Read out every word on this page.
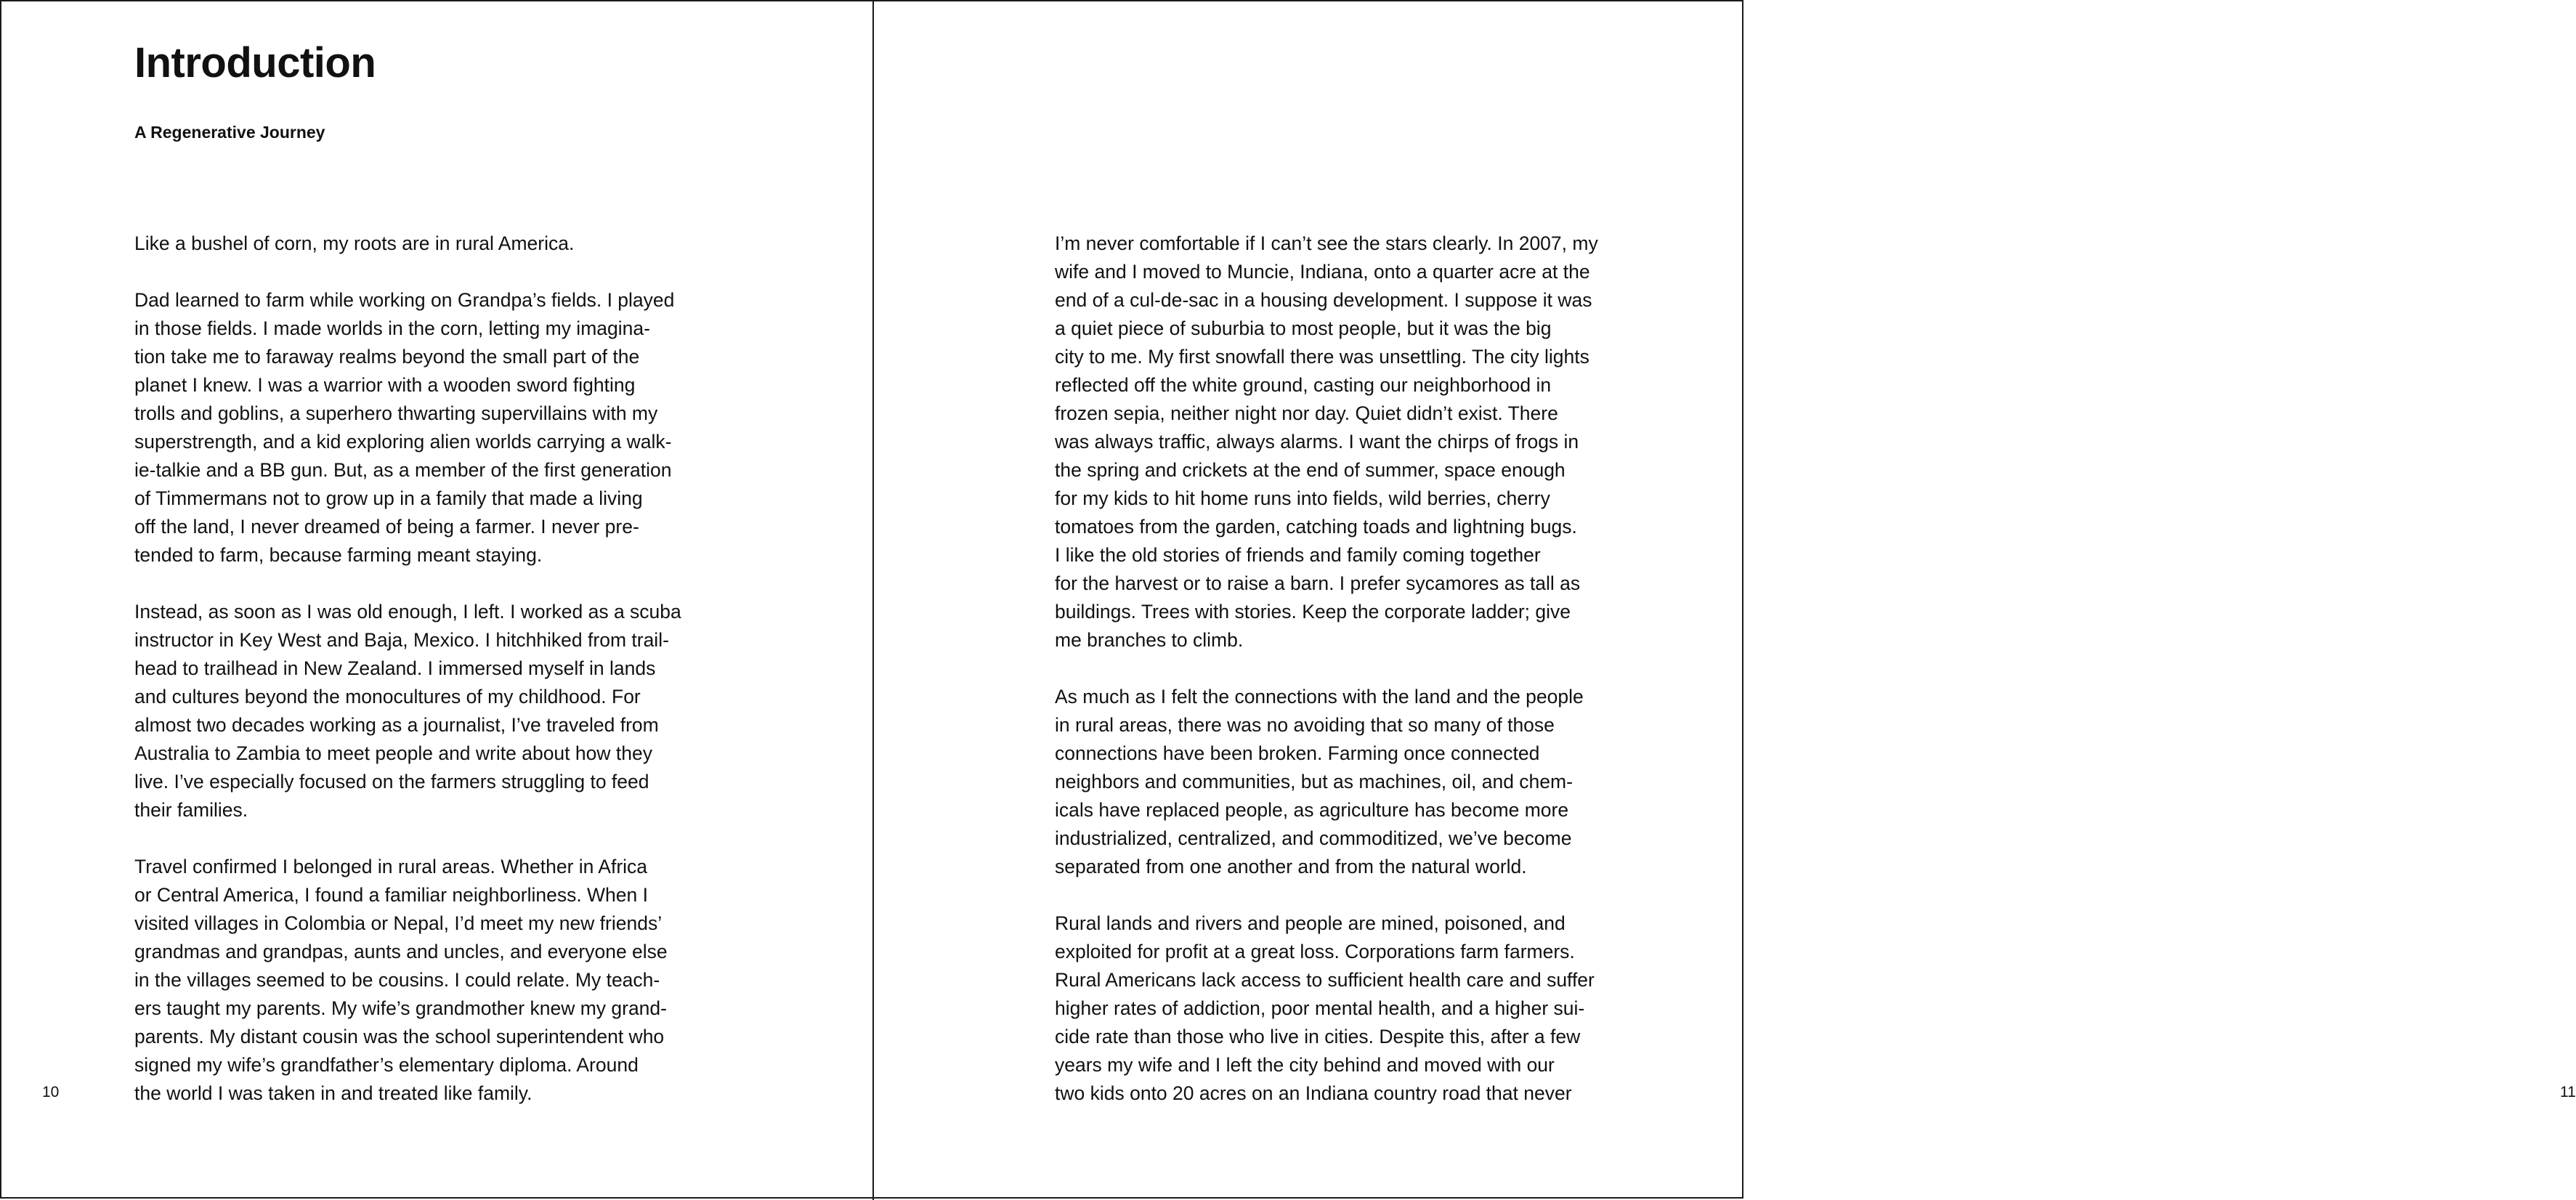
Introduction
A Regenerative Journey
Like a bushel of corn, my roots are in rural America.
Dad learned to farm while working on Grandpa’s fields. I played
in those fields. I made worlds in the corn, letting my imagina-
tion take me to faraway realms beyond the small part of the
planet I knew. I was a warrior with a wooden sword fighting
trolls and goblins, a superhero thwarting supervillains with my
superstrength, and a kid exploring alien worlds carrying a walk-
ie-talkie and a BB gun. But, as a member of the first generation
of Timmermans not to grow up in a family that made a living
off the land, I never dreamed of being a farmer. I never pre-
tended to farm, because farming meant staying.
Instead, as soon as I was old enough, I left. I worked as a scuba
instructor in Key West and Baja, Mexico. I hitchhiked from trail-
head to trailhead in New Zealand. I immersed myself in lands
and cultures beyond the monocultures of my childhood. For
almost two decades working as a journalist, I’ve traveled from
Australia to Zambia to meet people and write about how they
live. I’ve especially focused on the farmers struggling to feed
their families.
Travel confirmed I belonged in rural areas. Whether in Africa
or Central America, I found a familiar neighborliness. When I
visited villages in Colombia or Nepal, I’d meet my new friends’
grandmas and grandpas, aunts and uncles, and everyone else
in the villages seemed to be cousins. I could relate. My teach-
ers taught my parents. My wife’s grandmother knew my grand-
parents. My distant cousin was the school superintendent who
signed my wife’s grandfather’s elementary diploma. Around
the world I was taken in and treated like family.
10
I’m never comfortable if I can’t see the stars clearly. In 2007, my
wife and I moved to Muncie, Indiana, onto a quarter acre at the
end of a cul-de-sac in a housing development. I suppose it was
a quiet piece of suburbia to most people, but it was the big
city to me. My first snowfall there was unsettling. The city lights
reflected off the white ground, casting our neighborhood in
frozen sepia, neither night nor day. Quiet didn’t exist. There
was always traffic, always alarms. I want the chirps of frogs in
the spring and crickets at the end of summer, space enough
for my kids to hit home runs into fields, wild berries, cherry
tomatoes from the garden, catching toads and lightning bugs.
I like the old stories of friends and family coming together
for the harvest or to raise a barn. I prefer sycamores as tall as
buildings. Trees with stories. Keep the corporate ladder; give
me branches to climb.
As much as I felt the connections with the land and the people
in rural areas, there was no avoiding that so many of those
connections have been broken. Farming once connected
neighbors and communities, but as machines, oil, and chem-
icals have replaced people, as agriculture has become more
industrialized, centralized, and commoditized, we’ve become
separated from one another and from the natural world.
Rural lands and rivers and people are mined, poisoned, and
exploited for profit at a great loss. Corporations farm farmers.
Rural Americans lack access to sufficient health care and suffer
higher rates of addiction, poor mental health, and a higher sui-
cide rate than those who live in cities. Despite this, after a few
years my wife and I left the city behind and moved with our
two kids onto 20 acres on an Indiana country road that never	11
